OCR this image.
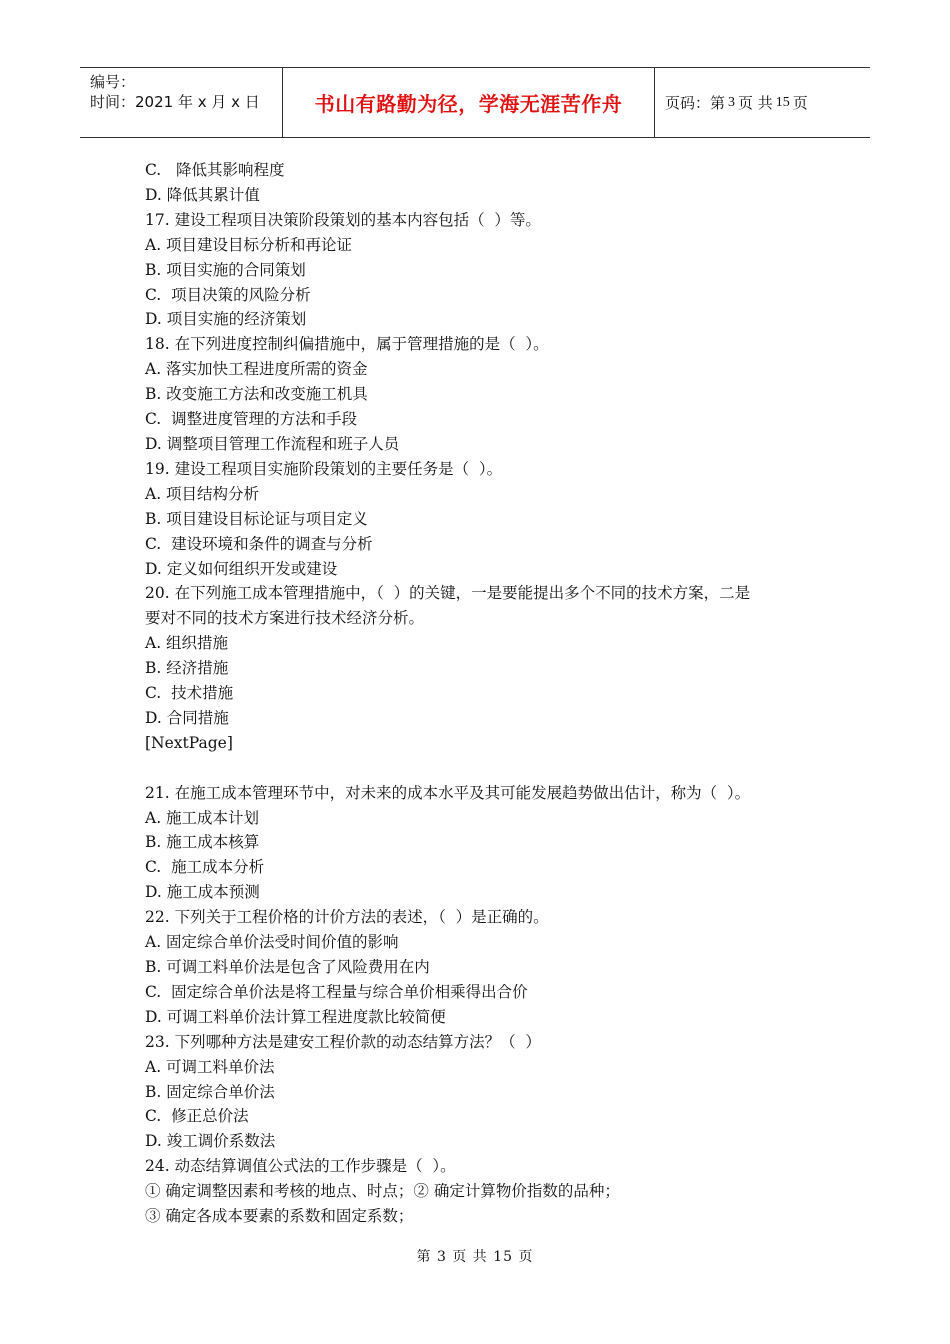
编号：
时间：2021 年 x 月 x 日	书山有路勤为径，学海无涯苦作舟	页码：第 3 页 共 15 页
C.   降低其影响程度
D. 降低其累计值
17. 建设工程项目决策阶段策划的基本内容包括（  ）等。
A. 项目建设目标分析和再论证
B. 项目实施的合同策划
C.  项目决策的风险分析
D. 项目实施的经济策划
18. 在下列进度控制纠偏措施中，属于管理措施的是（  ）。
A. 落实加快工程进度所需的资金
B. 改变施工方法和改变施工机具
C.  调整进度管理的方法和手段
D. 调整项目管理工作流程和班子人员
19. 建设工程项目实施阶段策划的主要任务是（  ）。
A. 项目结构分析
B. 项目建设目标论证与项目定义
C.  建设环境和条件的调查与分析
D. 定义如何组织开发或建设
20. 在下列施工成本管理措施中，（  ）的关键，一是要能提出多个不同的技术方案，二是
要对不同的技术方案进行技术经济分析。
A. 组织措施
B. 经济措施
C.  技术措施
D. 合同措施
[NextPage]

21. 在施工成本管理环节中，对未来的成本水平及其可能发展趋势做出估计，称为（  ）。
A. 施工成本计划
B. 施工成本核算
C.  施工成本分析
D. 施工成本预测
22. 下列关于工程价格的计价方法的表述，（  ）是正确的。
A. 固定综合单价法受时间价值的影响
B. 可调工料单价法是包含了风险费用在内
C.  固定综合单价法是将工程量与综合单价相乘得出合价
D. 可调工料单价法计算工程进度款比较简便
23. 下列哪种方法是建安工程价款的动态结算方法？（  ）
A. 可调工料单价法
B. 固定综合单价法
C.  修正总价法
D. 竣工调价系数法
24. 动态结算调值公式法的工作步骤是（  ）。
① 确定调整因素和考核的地点、时点；② 确定计算物价指数的品种；
③ 确定各成本要素的系数和固定系数；
第 3 页 共 15 页
